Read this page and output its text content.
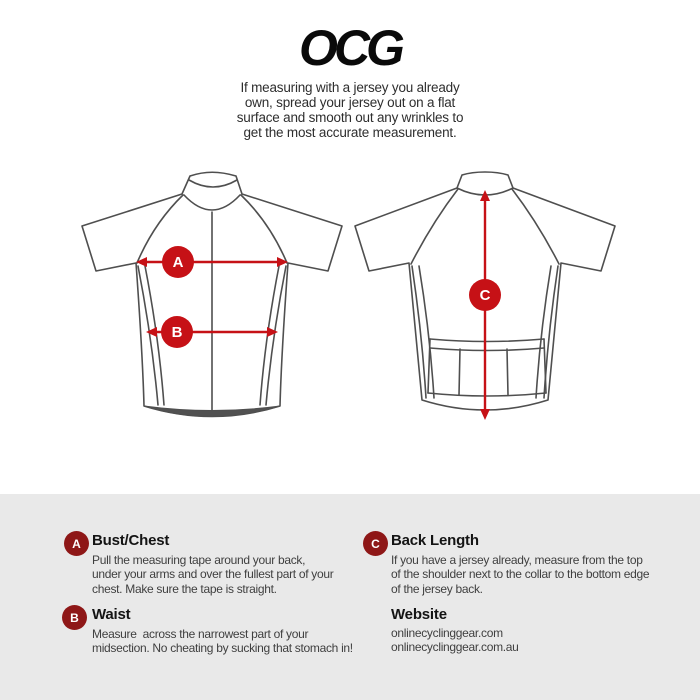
OCG
If measuring with a jersey you already
own, spread your jersey out on a flat
surface and smooth out any wrinkles to
get the most accurate measurement.
A
B
C
A Bust/Chest
Pull the measuring tape around your back,
under your arms and over the fullest part of your
chest. Make sure the tape is straight.
B Waist
Measure  across the narrowest part of your
midsection. No cheating by sucking that stomach in!
C Back Length
If you have a jersey already, measure from the top
of the shoulder next to the collar to the bottom edge
of the jersey back.
Website
onlinecyclinggear.com
onlinecyclinggear.com.au
